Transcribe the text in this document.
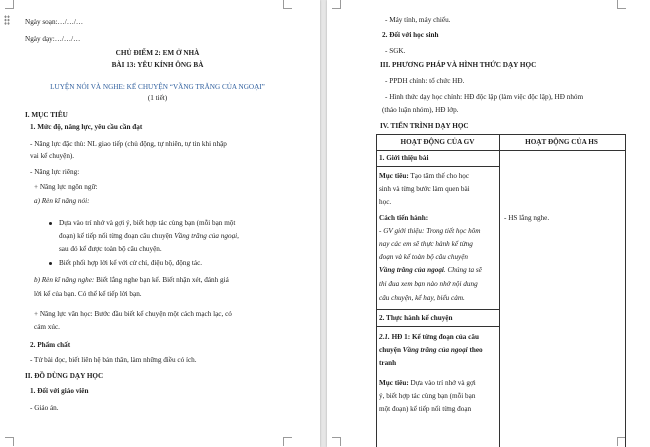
Ngày soạn:…/…/…
Ngày dạy:…/…/…
CHỦ ĐIỂM 2: EM Ở NHÀ
BÀI 13: YÊU KÍNH ÔNG BÀ
LUYỆN NÓI VÀ NGHE: KỂ CHUYỆN “VẦNG TRĂNG CỦA NGOẠI”
(1 tiết)
I. MỤC TIÊU
1. Mức độ, năng lực, yêu cầu cần đạt
- Năng lực đặc thù: NL giao tiếp (chủ động, tự nhiên, tự tin khi nhập
vai kể chuyện).
- Năng lực riêng:
+ Năng lực ngôn ngữ:
a) Rèn kĩ năng nói:
Dựa vào trí nhớ và gợi ý, biết hợp tác cùng bạn (mỗi bạn một
đoạn) kể tiếp nối từng đoạn câu chuyện Vầng trăng của ngoại,
sau đó kể được toàn bộ câu chuyện.
Biết phối hợp lời kể với cử chỉ, điệu bộ, động tác.
b) Rèn kĩ năng nghe: Biết lắng nghe bạn kể. Biết nhận xét, đánh giá
lời kể của bạn. Có thể kể tiếp lời bạn.
+ Năng lực văn học: Bước đầu biết kể chuyện một cách mạch lạc, có
cảm xúc.
2. Phẩm chất
- Tử bài đọc, biết liên hệ bản thân, làm những điều có ích.
II. ĐỒ DÙNG DẠY HỌC
1. Đối với giáo viên
- Giáo án.
- Máy tính, máy chiếu.
2. Đối với học sinh
- SGK.
III. PHƯƠNG PHÁP VÀ HÌNH THỨC DẠY HỌC
- PPDH chính: tổ chức HĐ.
- Hình thức dạy học chính: HĐ độc lập (làm việc độc lập), HĐ nhóm
(thảo luận nhóm), HĐ lớp.
IV. TIẾN TRÌNH DẠY HỌC
HOẠT ĐỘNG CỦA GV	HOẠT ĐỘNG CỦA HS
1. Giới thiệu bài
Mục tiêu: Tạo tâm thế cho học
sinh và từng bước làm quen bài
học.
Cách tiến hành:
- GV giới thiệu: Trong tiết học hôm
nay các em sẽ thực hành kể từng
đoạn và kể toàn bộ câu chuyện
Vầng trăng của ngoại. Chúng ta sẽ
thi đua xem bạn nào nhớ nội dung
câu chuyện, kể hay, biểu cảm.
- HS lắng nghe.
2. Thực hành kể chuyện
2.1. HĐ 1: Kể từng đoạn của câu
chuyện Vầng trăng của ngoại theo
tranh
Mục tiêu: Dựa vào trí nhớ và gợi
ý, biết hợp tác cùng bạn (mỗi bạn
một đoạn) kể tiếp nối từng đoạn
